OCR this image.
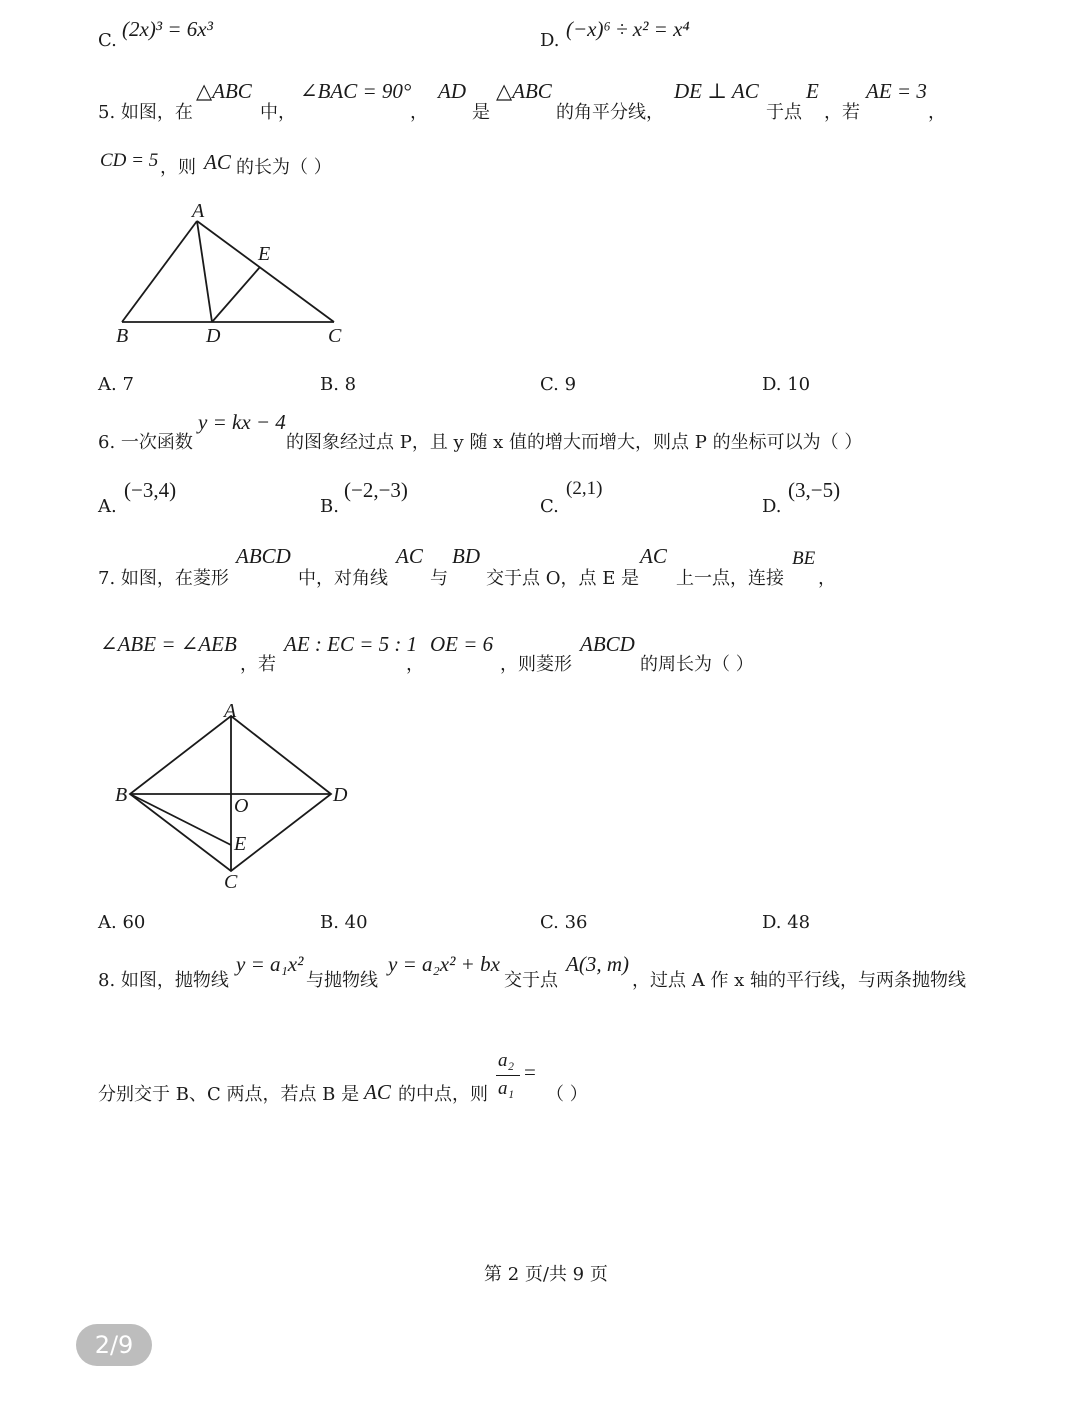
C. (2x)³ = 6x³	D. (−x)⁶ ÷ x² = x⁴
5. 如图，在
△ABC
中，
∠BAC = 90°
，
AD
是
△ABC
的角平分线，
DE ⊥ AC
于点
E
，若
AE = 3
，
CD = 5 ，则 AC 的长为（ ）
A
E
B	D	C
A. 7	B. 8	C. 9	D. 10
6. 一次函数
y = kx − 4
的图象经过点 P，且 y 随 x 值的增大而增大，则点 P 的坐标可以为（ ）
A.
(−3,4)
B.
(−2,−3)
C.
(2,1)
D.
(3,−5)
7. 如图，在菱形
ABCD
中，对角线
AC
与
BD
交于点 O，点 E 是
AC
上一点，连接
BE
，
∠ABE = ∠AEB
，若
AE : EC = 5 : 1
，
OE = 6
，则菱形
ABCD
的周长为（ ）
A
B	D
O
E
C
A. 60	B. 40	C. 36	D. 48
8. 如图，抛物线
y = a₁x²
与抛物线
y = a₂x² + bx
交于点
A(3, m)
，过点 A 作 x 轴的平行线，与两条抛物线
分别交于 B、C 两点，若点 B 是 AC 的中点，则
a₂
a₁
=
（ ）
第 2 页/共 9 页
2/9
